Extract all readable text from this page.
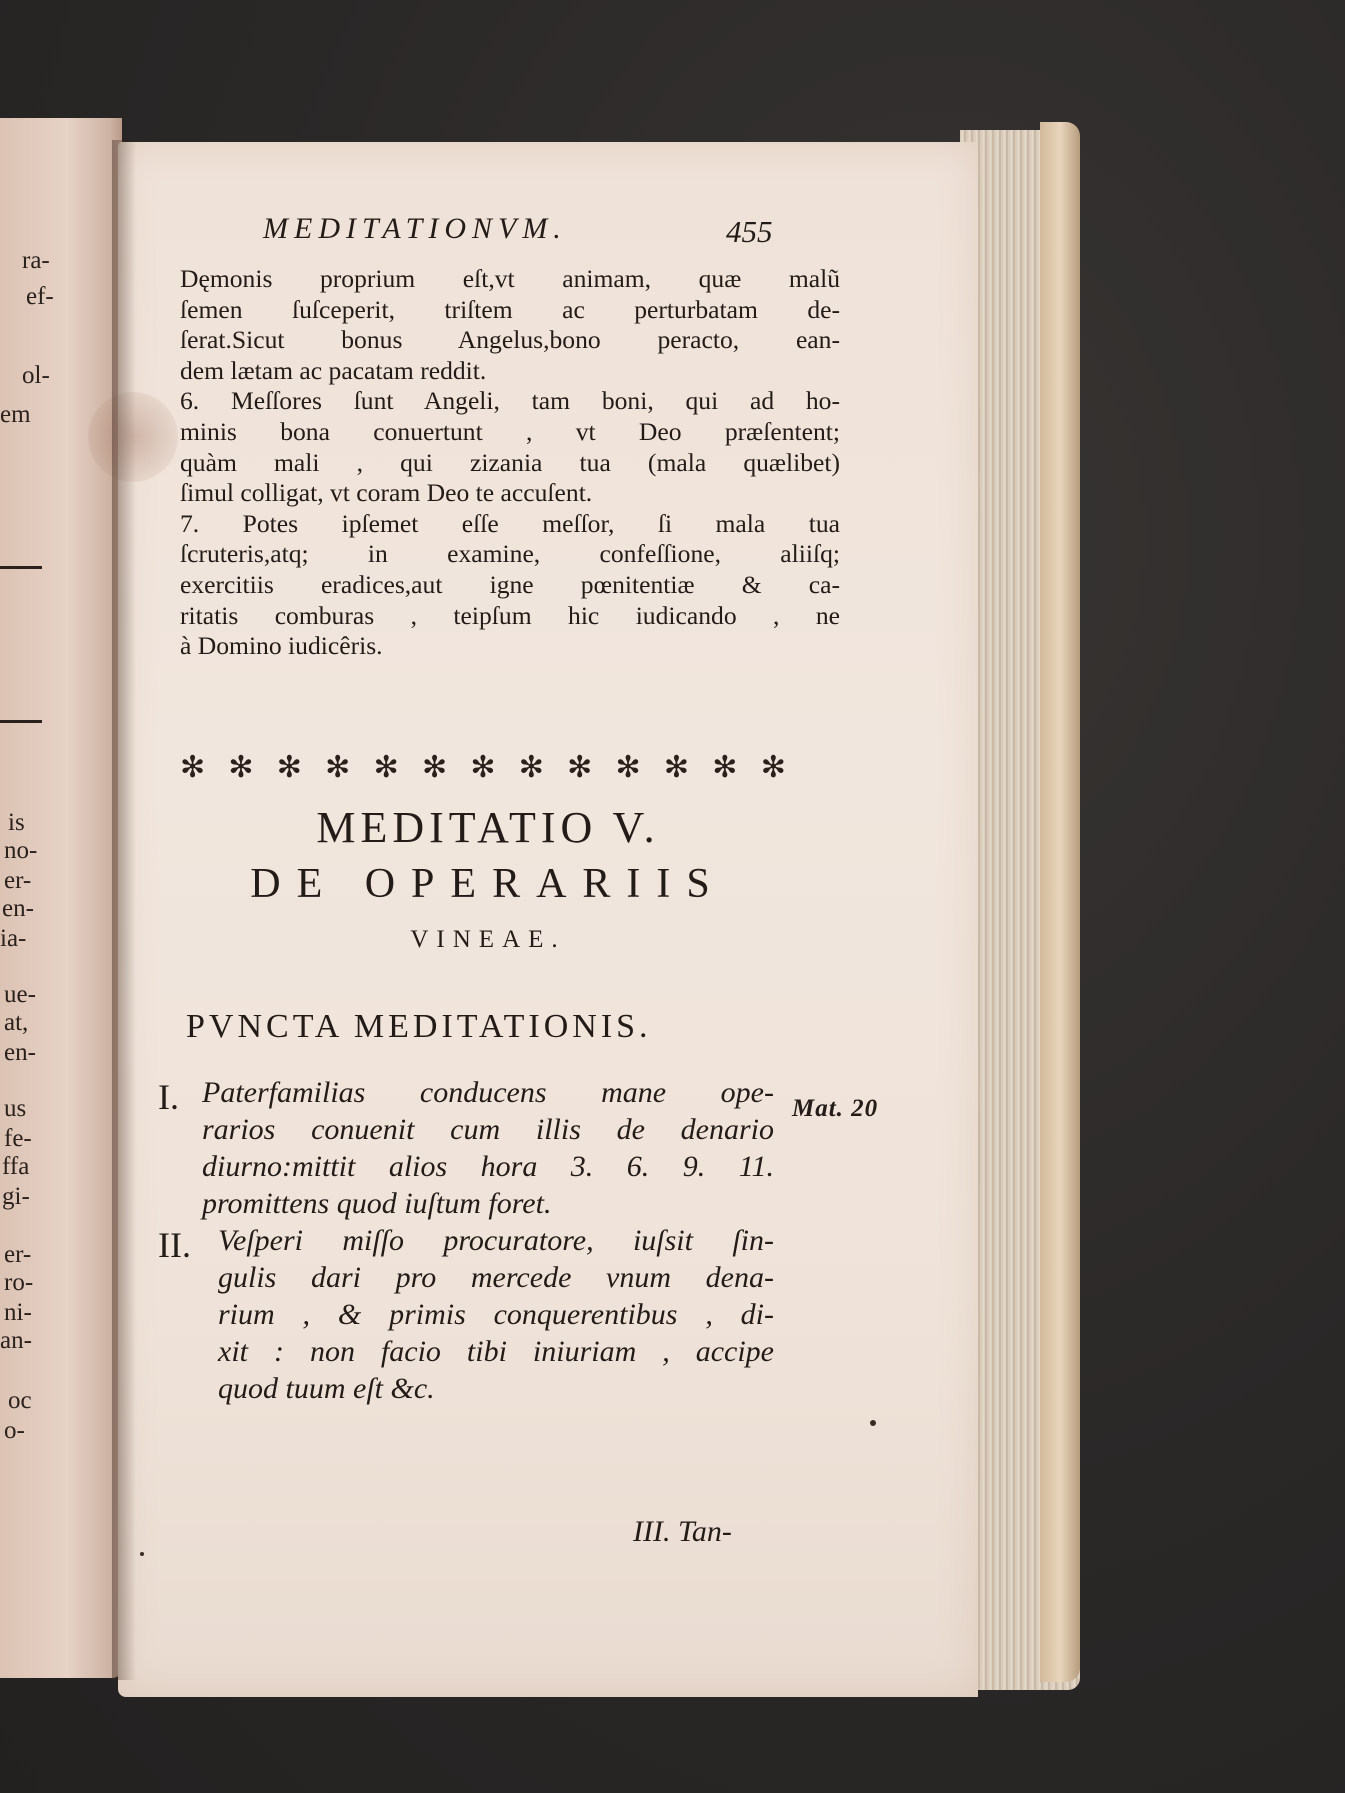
ra-
ef-
ol-
em
is
no-
er-
en-
ia-
ue-
at,
en-
us
fe-
ffa
gi-
er-
ro-
ni-
an-
oc
o-
MEDITATIONVM.	455
Dęmonis proprium eſt,vt animam, quæ malũ
ſemen ſuſceperit, triſtem ac perturbatam de-
ſerat.Sicut bonus Angelus,bono peracto, ean-
dem lætam ac pacatam reddit.
6. Meſſores ſunt Angeli, tam boni, qui ad ho-
minis bona conuertunt , vt Deo præſentent;
quàm mali , qui zizania tua (mala quælibet)
ſimul colligat, vt coram Deo te accuſent.
7. Potes ipſemet eſſe meſſor, ſi mala tua
ſcruteris,atq; in examine, confeſſione, aliiſq;
exercitiis eradices,aut igne pœnitentiæ & ca-
ritatis comburas , teipſum hic iudicando , ne
à Domino iudicêris.
✻ ✻ ✻ ✻ ✻ ✻ ✻ ✻ ✻ ✻ ✻ ✻ ✻
MEDITATIO V.
DE OPERARIIS
VINEAE.
PVNCTA MEDITATIONIS.
I. Paterfamilias conducens mane ope-
rarios conuenit cum illis de denario
diurno:mittit alios hora 3. 6. 9. 11.
promittens quod iuſtum foret.
II. Veſperi miſſo procuratore, iuſsit ſin-
gulis dari pro mercede vnum dena-
rium , & primis conquerentibus , di-
xit : non facio tibi iniuriam , accipe
quod tuum eſt &c.
Mat. 20
III. Tan-
